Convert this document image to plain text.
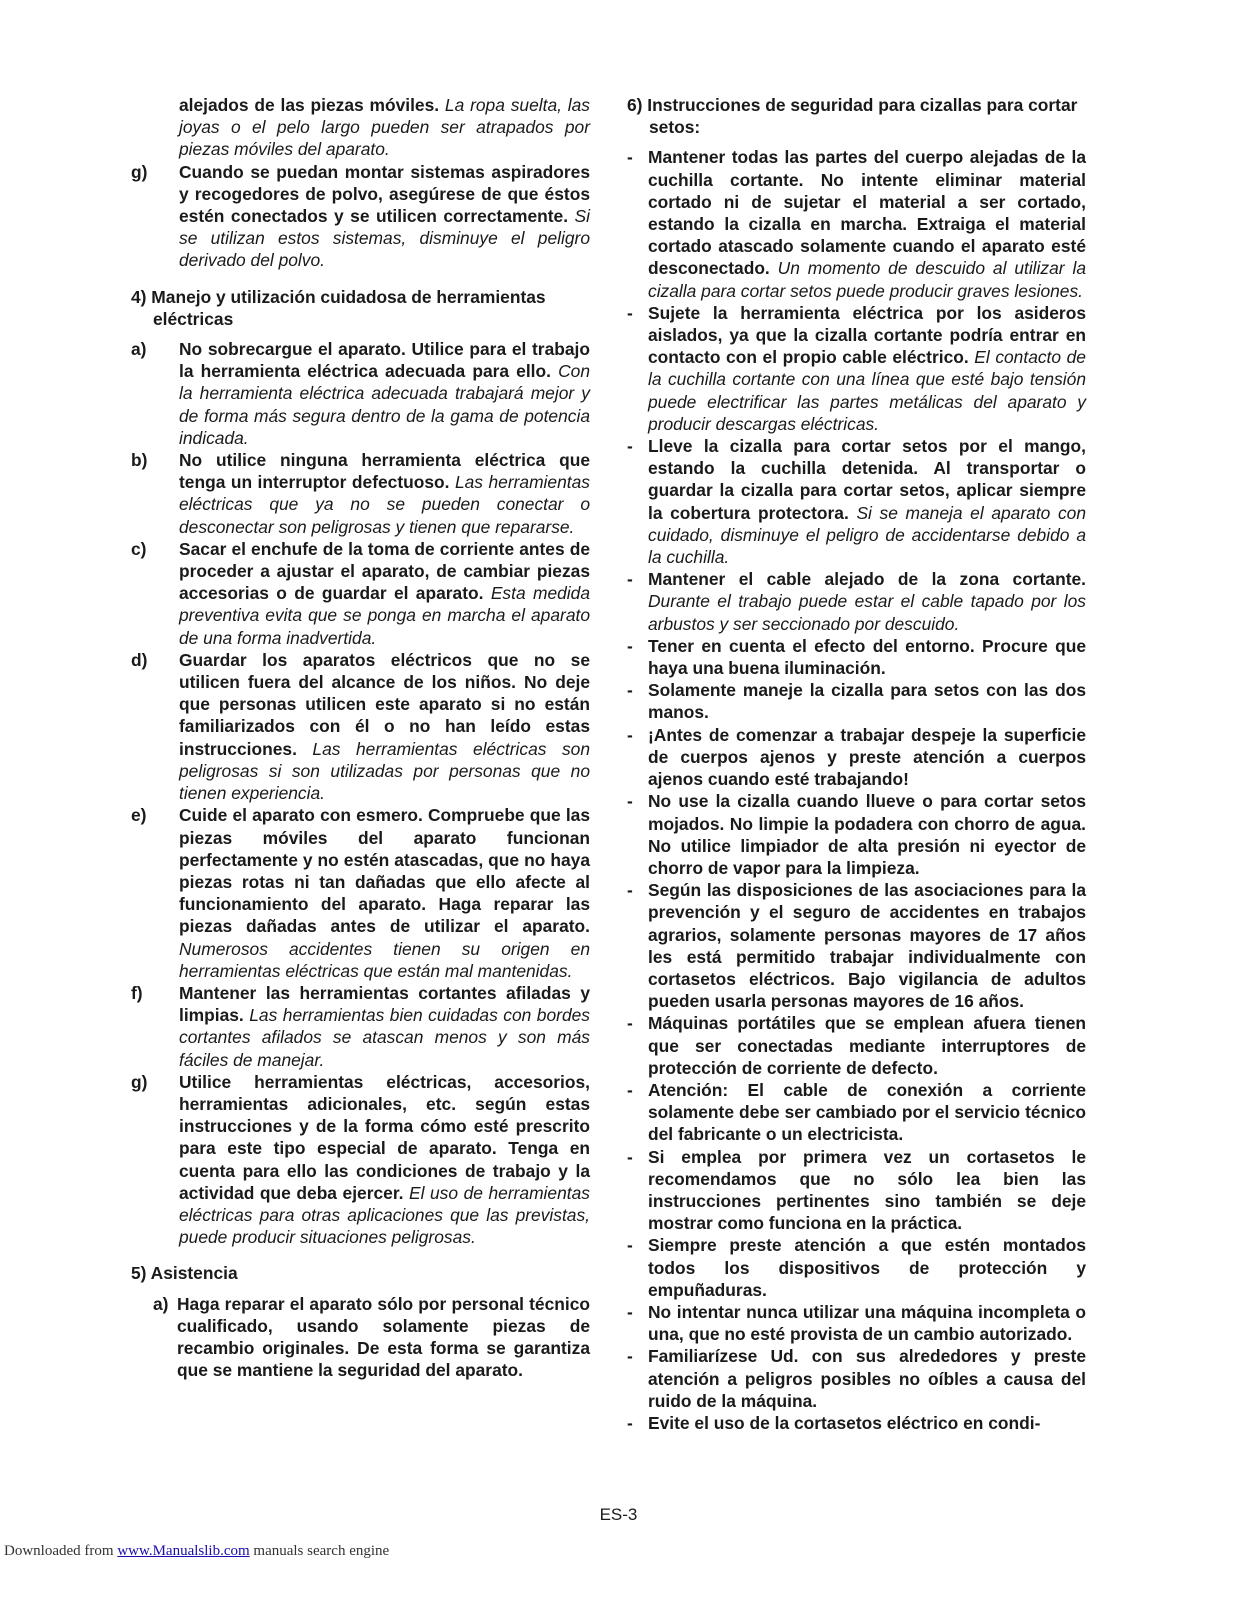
alejados de las piezas móviles. La ropa suelta, las joyas o el pelo largo pueden ser atrapados por piezas móviles del aparato.

g) Cuando se puedan montar sistemas aspiradores y recogedores de polvo, asegúrese de que éstos estén conectados y se utilicen correctamente. Si se utilizan estos sistemas, disminuye el peligro derivado del polvo.

4) Manejo y utilización cuidadosa de herramientas eléctricas

a) No sobrecargue el aparato. Utilice para el trabajo la herramienta eléctrica adecuada para ello. Con la herramienta eléctrica adecuada trabajará mejor y de forma más segura dentro de la gama de potencia indicada.

b) No utilice ninguna herramienta eléctrica que tenga un interruptor defectuoso. Las herramientas eléctricas que ya no se pueden conectar o desconectar son peligrosas y tienen que repararse.

c) Sacar el enchufe de la toma de corriente antes de proceder a ajustar el aparato, de cambiar piezas accesorias o de guardar el aparato. Esta medida preventiva evita que se ponga en marcha el aparato de una forma inadvertida.

d) Guardar los aparatos eléctricos que no se utilicen fuera del alcance de los niños. No deje que personas utilicen este aparato si no están familiarizados con él o no han leído estas instrucciones. Las herramientas eléctricas son peligrosas si son utilizadas por personas que no tienen experiencia.

e) Cuide el aparato con esmero. Compruebe que las piezas móviles del aparato funcionan perfectamente y no estén atascadas, que no haya piezas rotas ni tan dañadas que ello afecte al funcionamiento del aparato. Haga reparar las piezas dañadas antes de utilizar el aparato. Numerosos accidentes tienen su origen en herramientas eléctricas que están mal mantenidas.

f) Mantener las herramientas cortantes afiladas y limpias. Las herramientas bien cuidadas con bordes cortantes afilados se atascan menos y son más fáciles de manejar.

g) Utilice herramientas eléctricas, accesorios, herramientas adicionales, etc. según estas instrucciones y de la forma cómo esté prescrito para este tipo especial de aparato. Tenga en cuenta para ello las condiciones de trabajo y la actividad que deba ejercer. El uso de herramientas eléctricas para otras aplicaciones que las previstas, puede producir situaciones peligrosas.

5) Asistencia

a) Haga reparar el aparato sólo por personal técnico cualificado, usando solamente piezas de recambio originales. De esta forma se garantiza que se mantiene la seguridad del aparato.

6) Instrucciones de seguridad para cizallas para cortar setos:

- Mantener todas las partes del cuerpo alejadas de la cuchilla cortante. No intente eliminar material cortado ni de sujetar el material a ser cortado, estando la cizalla en marcha. Extraiga el material cortado atascado solamente cuando el aparato esté desconectado. Un momento de descuido al utilizar la cizalla para cortar setos puede producir graves lesiones.

- Sujete la herramienta eléctrica por los asideros aislados, ya que la cizalla cortante podría entrar en contacto con el propio cable eléctrico. El contacto de la cuchilla cortante con una línea que esté bajo tensión puede electrificar las partes metálicas del aparato y producir descargas eléctricas.

- Lleve la cizalla para cortar setos por el mango, estando la cuchilla detenida. Al transportar o guardar la cizalla para cortar setos, aplicar siempre la cobertura protectora. Si se maneja el aparato con cuidado, disminuye el peligro de accidentarse debido a la cuchilla.

- Mantener el cable alejado de la zona cortante. Durante el trabajo puede estar el cable tapado por los arbustos y ser seccionado por descuido.

- Tener en cuenta el efecto del entorno. Procure que haya una buena iluminación.

- Solamente maneje la cizalla para setos con las dos manos.

- ¡Antes de comenzar a trabajar despeje la superficie de cuerpos ajenos y preste atención a cuerpos ajenos cuando esté trabajando!

- No use la cizalla cuando llueve o para cortar setos mojados. No limpie la podadera con chorro de agua. No utilice limpiador de alta presión ni eyector de chorro de vapor para la limpieza.

- Según las disposiciones de las asociaciones para la prevención y el seguro de accidentes en trabajos agrarios, solamente personas mayores de 17 años les está permitido trabajar individualmente con cortasetos eléctricos. Bajo vigilancia de adultos pueden usarla personas mayores de 16 años.

- Máquinas portátiles que se emplean afuera tienen que ser conectadas mediante interruptores de protección de corriente de defecto.

- Atención: El cable de conexión a corriente solamente debe ser cambiado por el servicio técnico del fabricante o un electricista.

- Si emplea por primera vez un cortasetos le recomendamos que no sólo lea bien las instrucciones pertinentes sino también se deje mostrar como funciona en la práctica.

- Siempre preste atención a que estén montados todos los dispositivos de protección y empuñaduras.

- No intentar nunca utilizar una máquina incompleta o una, que no esté provista de un cambio autorizado.

- Familiarízese Ud. con sus alrededores y preste atención a peligros posibles no oíbles a causa del ruido de la máquina.

- Evite el uso de la cortasetos eléctrico en condi-

ES-3
Downloaded from www.Manualslib.com manuals search engine
